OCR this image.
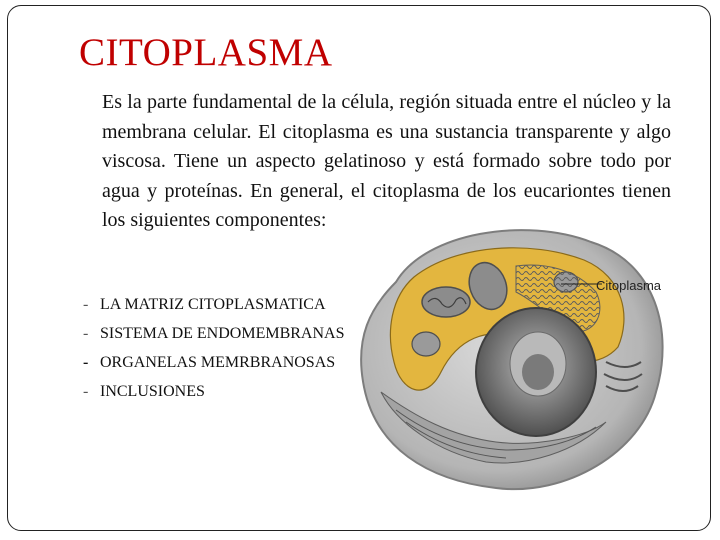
CITOPLASMA

Es la parte fundamental de la célula, región situada entre el núcleo y la membrana celular. El citoplasma es una sustancia transparente y algo viscosa. Tiene un aspecto gelatinoso y está formado sobre todo por agua y proteínas. En general, el citoplasma de los eucariontes tienen los siguientes componentes:

Citoplasma
- LA MATRIZ CITOPLASMATICA
- SISTEMA DE ENDOMEMBRANAS
- ORGANELAS MEMRBRANOSAS
- INCLUSIONES
